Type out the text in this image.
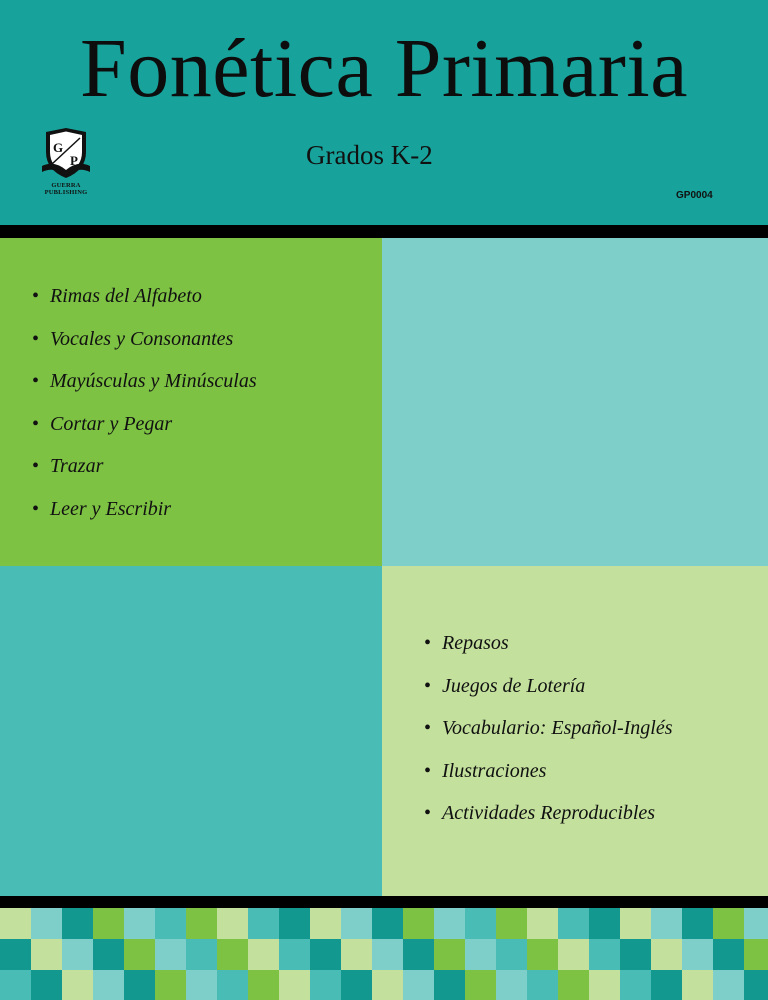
Fonética Primaria
G
P
GUERRA
PUBLISHING
Grados K-2
GP0004
• Rimas del Alfabeto
• Vocales y Consonantes
• Mayúsculas y Minúsculas
• Cortar y Pegar
• Trazar
• Leer y Escribir
• Repasos
• Juegos de Lotería
• Vocabulario: Español-Inglés
• Ilustraciones
• Actividades Reproducibles
